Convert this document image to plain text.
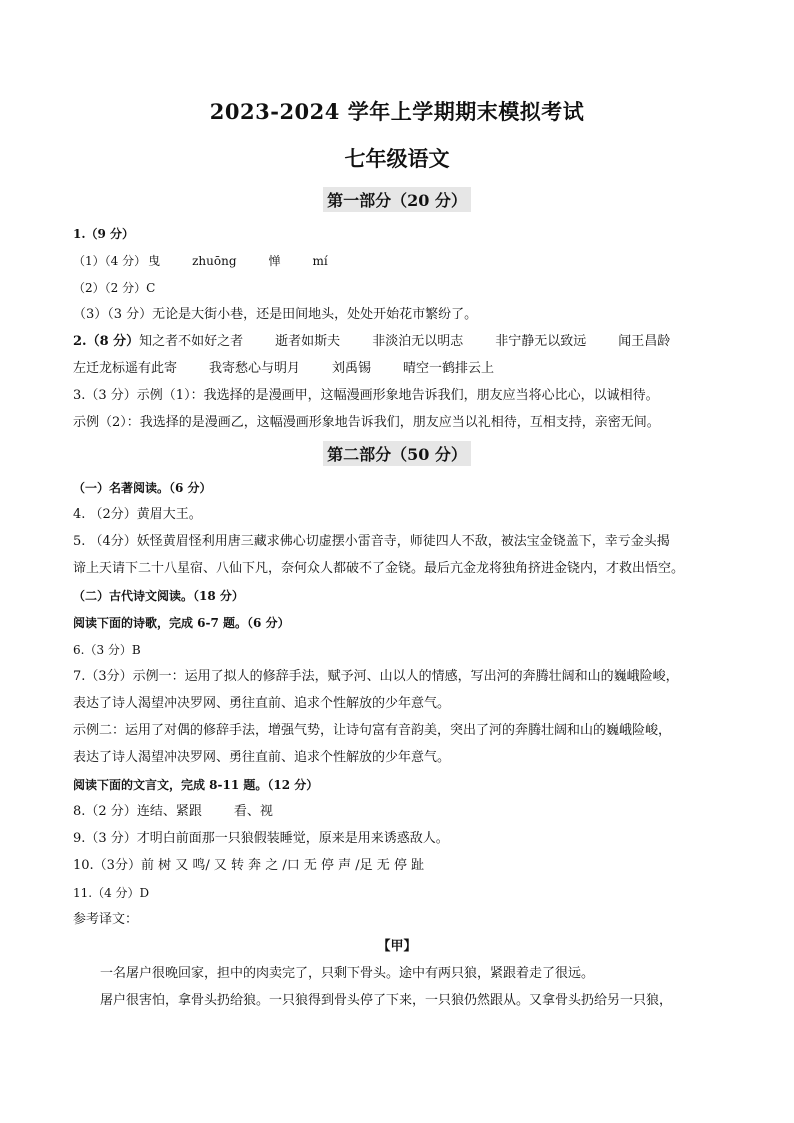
2023-2024 学年上学期期末模拟考试
七年级语文
第一部分（20 分）
1.（9 分）
（1）（4 分） 曳	zhuōng	惮	mí
（2）（2 分）C
（3）（3 分）无论是大街小巷，还是田间地头，处处开始花市繁纷了。
2.（8 分）知之者不如好之者 逝者如斯夫 非淡泊无以明志 非宁静无以致远 闻王昌龄
左迁龙标遥有此寄 我寄愁心与明月 刘禹锡 晴空一鹤排云上
3.（3 分）示例（1）：我选择的是漫画甲，这幅漫画形象地告诉我们，朋友应当将心比心，以诚相待。
示例（2）：我选择的是漫画乙，这幅漫画形象地告诉我们，朋友应当以礼相待，互相支持，亲密无间。
第二部分（50 分）
（一）名著阅读。（6 分）
4. （2分）黄眉大王。
5. （4分）妖怪黄眉怪利用唐三藏求佛心切虚摆小雷音寺，师徒四人不敌，被法宝金铙盖下，幸亏金头揭
谛上天请下二十八星宿、八仙下凡，奈何众人都破不了金铙。最后亢金龙将独角挤进金铙内，才救出悟空。
（二）古代诗文阅读。（18 分）
阅读下面的诗歌，完成 6-7 题。（6 分）
6.（3 分）B
7.（3分）示例一：运用了拟人的修辞手法，赋予河、山以人的情感，写出河的奔腾壮阔和山的巍峨险峻，
表达了诗人渴望冲决罗网、勇往直前、追求个性解放的少年意气。
示例二：运用了对偶的修辞手法，增强气势，让诗句富有音韵美，突出了河的奔腾壮阔和山的巍峨险峻，
表达了诗人渴望冲决罗网、勇往直前、追求个性解放的少年意气。
阅读下面的文言文，完成 8-11 题。（12 分）
8.（2 分）连结、紧跟 看、视
9.（3 分）才明白前面那一只狼假装睡觉，原来是用来诱惑敌人。
10.（3分）前 树 又 鸣/ 又 转 奔 之 /口 无 停 声 /足 无 停 趾
11.（4 分）D
参考译文：
【甲】
一名屠户很晚回家，担中的肉卖完了，只剩下骨头。途中有两只狼，紧跟着走了很远。
屠户很害怕，拿骨头扔给狼。一只狼得到骨头停了下来，一只狼仍然跟从。又拿骨头扔给另一只狼，
